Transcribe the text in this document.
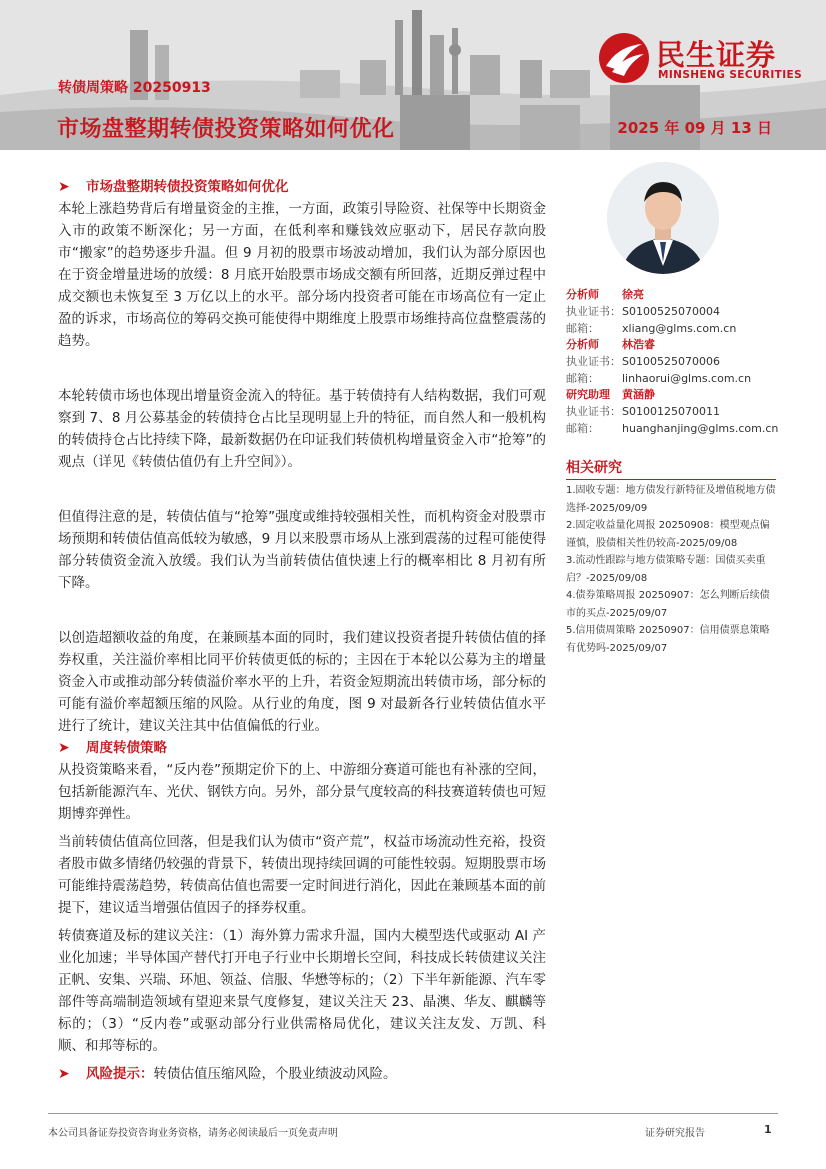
转债周策略 20250913
市场盘整期转债投资策略如何优化	2025 年 09 月 13 日
民生证券
MINSHENG SECURITIES
➤ 市场盘整期转债投资策略如何优化

本轮上涨趋势背后有增量资金的主推，一方面，政策引导险资、社保等中长期资金入市的政策不断深化；另一方面，在低利率和赚钱效应驱动下，居民存款向股市“搬家”的趋势逐步升温。但 9 月初的股票市场波动增加，我们认为部分原因也在于资金增量进场的放缓：8 月底开始股票市场成交额有所回落，近期反弹过程中成交额也未恢复至 3 万亿以上的水平。部分场内投资者可能在市场高位有一定止盈的诉求，市场高位的筹码交换可能使得中期维度上股票市场维持高位盘整震荡的趋势。

本轮转债市场也体现出增量资金流入的特征。基于转债持有人结构数据，我们可观察到 7、8 月公募基金的转债持仓占比呈现明显上升的特征，而自然人和一般机构的转债持仓占比持续下降，最新数据仍在印证我们转债机构增量资金入市“抢筹”的观点（详见《转债估值仍有上升空间》）。

但值得注意的是，转债估值与“抢筹”强度或维持较强相关性，而机构资金对股票市场预期和转债估值高低较为敏感，9 月以来股票市场从上涨到震荡的过程可能使得部分转债资金流入放缓。我们认为当前转债估值快速上行的概率相比 8 月初有所下降。

以创造超额收益的角度，在兼顾基本面的同时，我们建议投资者提升转债估值的择券权重，关注溢价率相比同平价转债更低的标的；主因在于本轮以公募为主的增量资金入市或推动部分转债溢价率水平的上升，若资金短期流出转债市场，部分标的可能有溢价率超额压缩的风险。从行业的角度，图 9 对最新各行业转债估值水平进行了统计，建议关注其中估值偏低的行业。

➤ 周度转债策略

从投资策略来看，“反内卷”预期定价下的上、中游细分赛道可能也有补涨的空间，包括新能源汽车、光伏、钢铁方向。另外，部分景气度较高的科技赛道转债也可短期博弈弹性。

当前转债估值高位回落，但是我们认为债市“资产荒”，权益市场流动性充裕，投资者股市做多情绪仍较强的背景下，转债出现持续回调的可能性较弱。短期股票市场可能维持震荡趋势，转债高估值也需要一定时间进行消化，因此在兼顾基本面的前提下，建议适当增强估值因子的择券权重。

转债赛道及标的建议关注：（1）海外算力需求升温，国内大模型迭代或驱动 AI 产业化加速；半导体国产替代打开电子行业中长期增长空间，科技成长转债建议关注正帆、安集、兴瑞、环旭、领益、信服、华懋等标的；（2）下半年新能源、汽车零部件等高端制造领域有望迎来景气度修复，建议关注天 23、晶澳、华友、麒麟等标的；（3）“反内卷”或驱动部分行业供需格局优化，建议关注友发、万凯、科顺、和邦等标的。

➤ 风险提示：转债估值压缩风险，个股业绩波动风险。
分析师 徐亮
执业证书：S0100525070004
邮箱： xliang@glms.com.cn
分析师 林浩睿
执业证书：S0100525070006
邮箱： linhaorui@glms.com.cn
研究助理 黄涵静
执业证书：S0100125070011
邮箱： huanghanjing@glms.com.cn
相关研究
1.固收专题：地方债发行新特征及增值税地方债选择-2025/09/09
2.固定收益量化周报 20250908：模型观点偏谨慎，股债相关性仍较高-2025/09/08
3.流动性跟踪与地方债策略专题：国债买卖重启？-2025/09/08
4.债券策略周报 20250907：怎么判断后续债市的买点-2025/09/07
5.信用债周策略 20250907：信用债票息策略有优势吗-2025/09/07
本公司具备证券投资咨询业务资格，请务必阅读最后一页免责声明	证券研究报告	1
